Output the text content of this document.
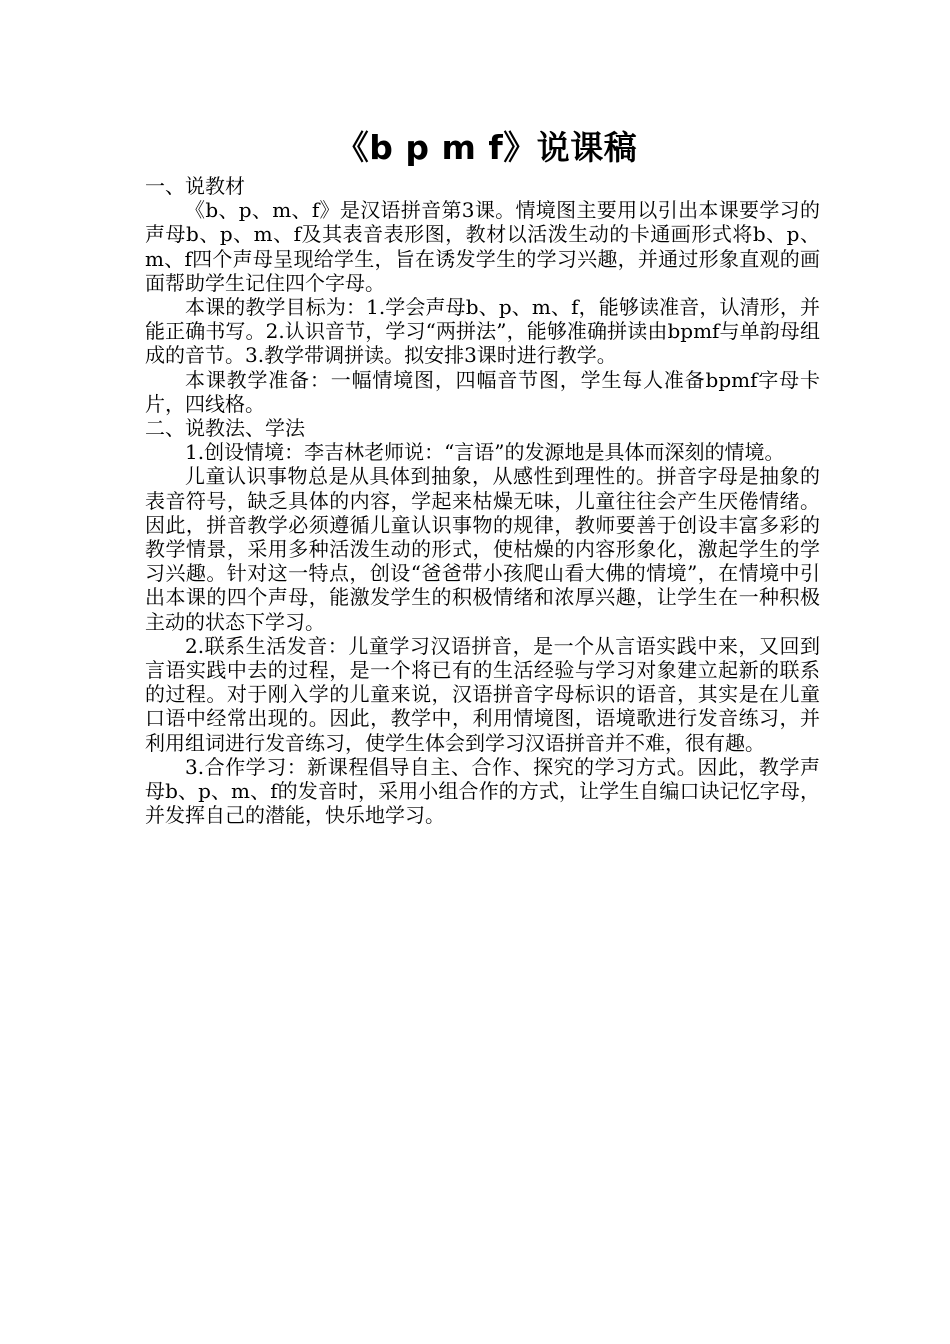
《b p m f》说课稿

一、说教材

《b、p、m、f》是汉语拼音第3课。情境图主要用以引出本课要学习的声母b、p、m、f及其表音表形图，教材以活泼生动的卡通画形式将b、p、m、f四个声母呈现给学生，旨在诱发学生的学习兴趣，并通过形象直观的画面帮助学生记住四个字母。

本课的教学目标为：1.学会声母b、p、m、f，能够读准音，认清形，并能正确书写。2.认识音节，学习“两拼法”，能够准确拼读由bpmf与单韵母组成的音节。3.教学带调拼读。拟安排3课时进行教学。

本课教学准备：一幅情境图，四幅音节图，学生每人准备bpmf字母卡片，四线格。

二、说教法、学法

1.创设情境：李吉林老师说：“言语”的发源地是具体而深刻的情境。

儿童认识事物总是从具体到抽象，从感性到理性的。拼音字母是抽象的表音符号，缺乏具体的内容，学起来枯燥无味，儿童往往会产生厌倦情绪。因此，拼音教学必须遵循儿童认识事物的规律，教师要善于创设丰富多彩的教学情景，采用多种活泼生动的形式，使枯燥的内容形象化，激起学生的学习兴趣。针对这一特点，创设“爸爸带小孩爬山看大佛的情境”，在情境中引出本课的四个声母，能激发学生的积极情绪和浓厚兴趣，让学生在一种积极主动的状态下学习。

2.联系生活发音：儿童学习汉语拼音，是一个从言语实践中来，又回到言语实践中去的过程，是一个将已有的生活经验与学习对象建立起新的联系的过程。对于刚入学的儿童来说，汉语拼音字母标识的语音，其实是在儿童口语中经常出现的。因此，教学中，利用情境图，语境歌进行发音练习，并利用组词进行发音练习，使学生体会到学习汉语拼音并不难，很有趣。

3.合作学习：新课程倡导自主、合作、探究的学习方式。因此，教学声母b、p、m、f的发音时，采用小组合作的方式，让学生自编口诀记忆字母，并发挥自己的潜能，快乐地学习。
